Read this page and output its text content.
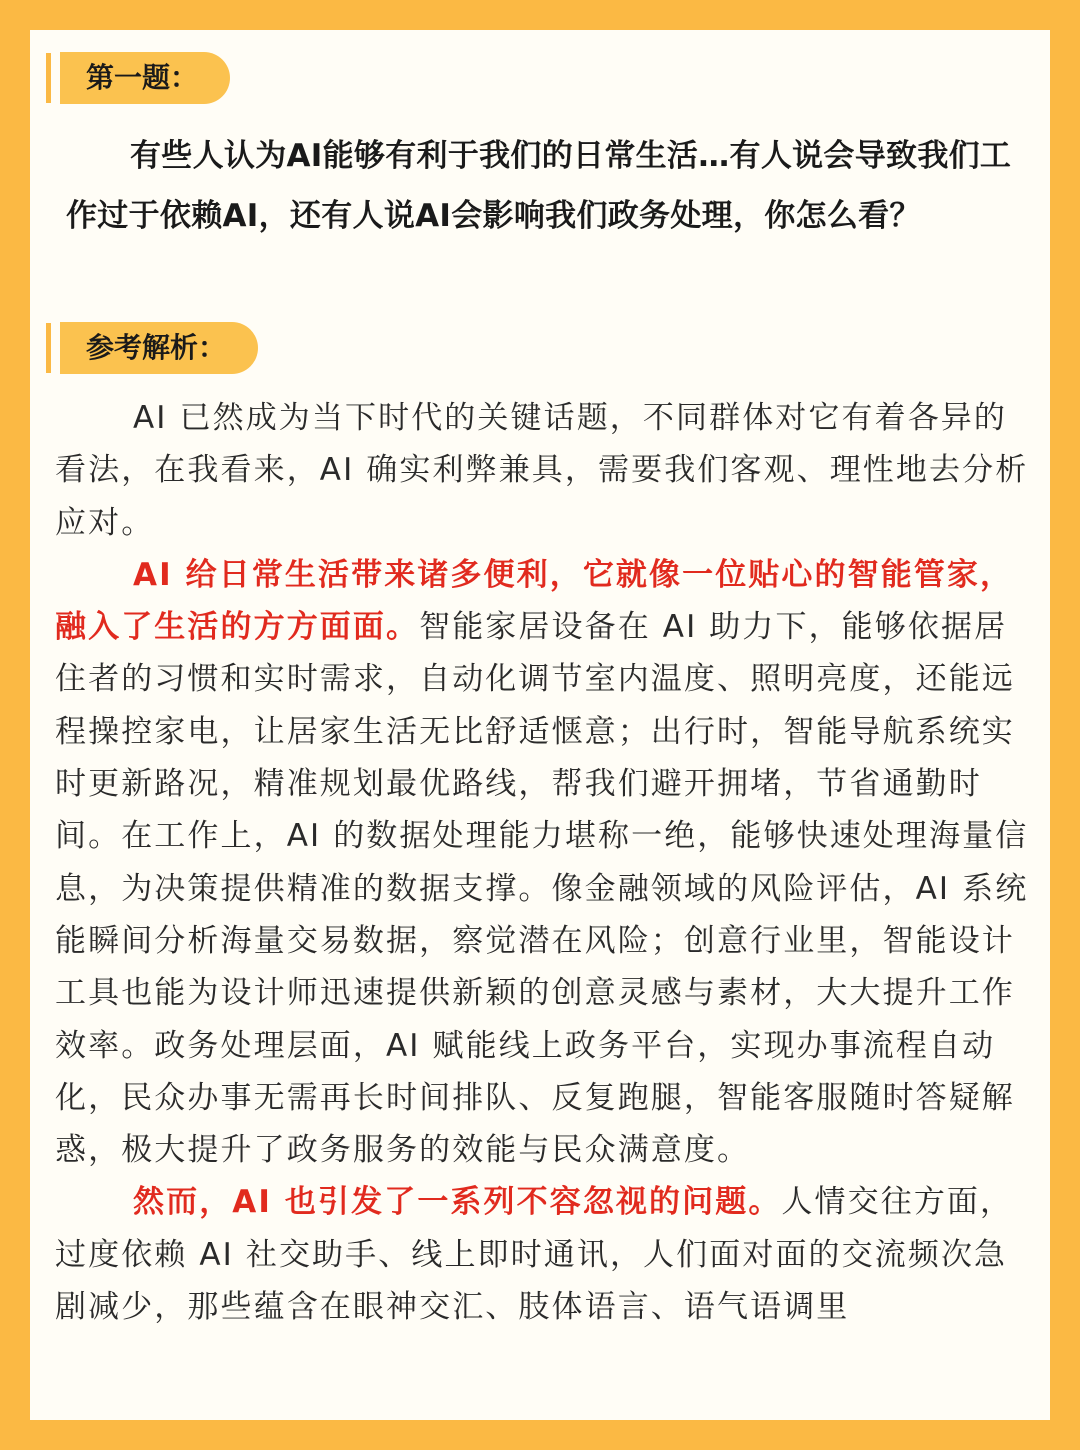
第一题：

有些人认为AI能够有利于我们的日常生活…有人说会导致我们工作过于依赖AI，还有人说AI会影响我们政务处理，你怎么看？

参考解析：

AI 已然成为当下时代的关键话题，不同群体对它有着各异的看法，在我看来，AI 确实利弊兼具，需要我们客观、理性地去分析应对。

AI 给日常生活带来诸多便利，它就像一位贴心的智能管家，融入了生活的方方面面。智能家居设备在 AI 助力下，能够依据居住者的习惯和实时需求，自动化调节室内温度、照明亮度，还能远程操控家电，让居家生活无比舒适惬意；出行时，智能导航系统实时更新路况，精准规划最优路线，帮我们避开拥堵，节省通勤时间。在工作上，AI 的数据处理能力堪称一绝，能够快速处理海量信息，为决策提供精准的数据支撑。像金融领域的风险评估，AI 系统能瞬间分析海量交易数据，察觉潜在风险；创意行业里，智能设计工具也能为设计师迅速提供新颖的创意灵感与素材，大大提升工作效率。政务处理层面，AI 赋能线上政务平台，实现办事流程自动化，民众办事无需再长时间排队、反复跑腿，智能客服随时答疑解惑，极大提升了政务服务的效能与民众满意度。

然而，AI 也引发了一系列不容忽视的问题。人情交往方面，过度依赖 AI 社交助手、线上即时通讯，人们面对面的交流频次急剧减少，那些蕴含在眼神交汇、肢体语言、语气语调里
